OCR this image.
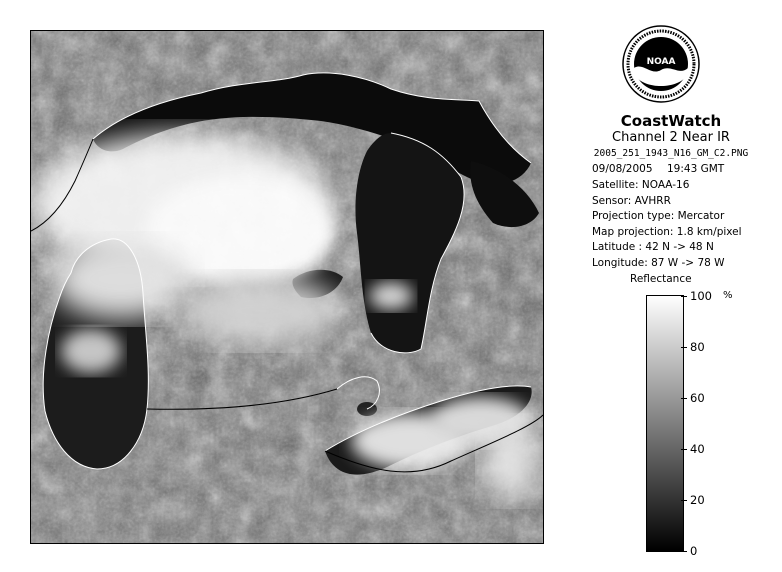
NOAA
CoastWatch
Channel 2 Near IR
2005_251_1943_N16_GM_C2.PNG
09/08/2005 19:43 GMT
Satellite: NOAA-16
Sensor: AVHRR
Projection type: Mercator
Map projection: 1.8 km/pixel
Latitude : 42 N -> 48 N
Longitude: 87 W -> 78 W
Reflectance
%
100
80
60
40
20
0
